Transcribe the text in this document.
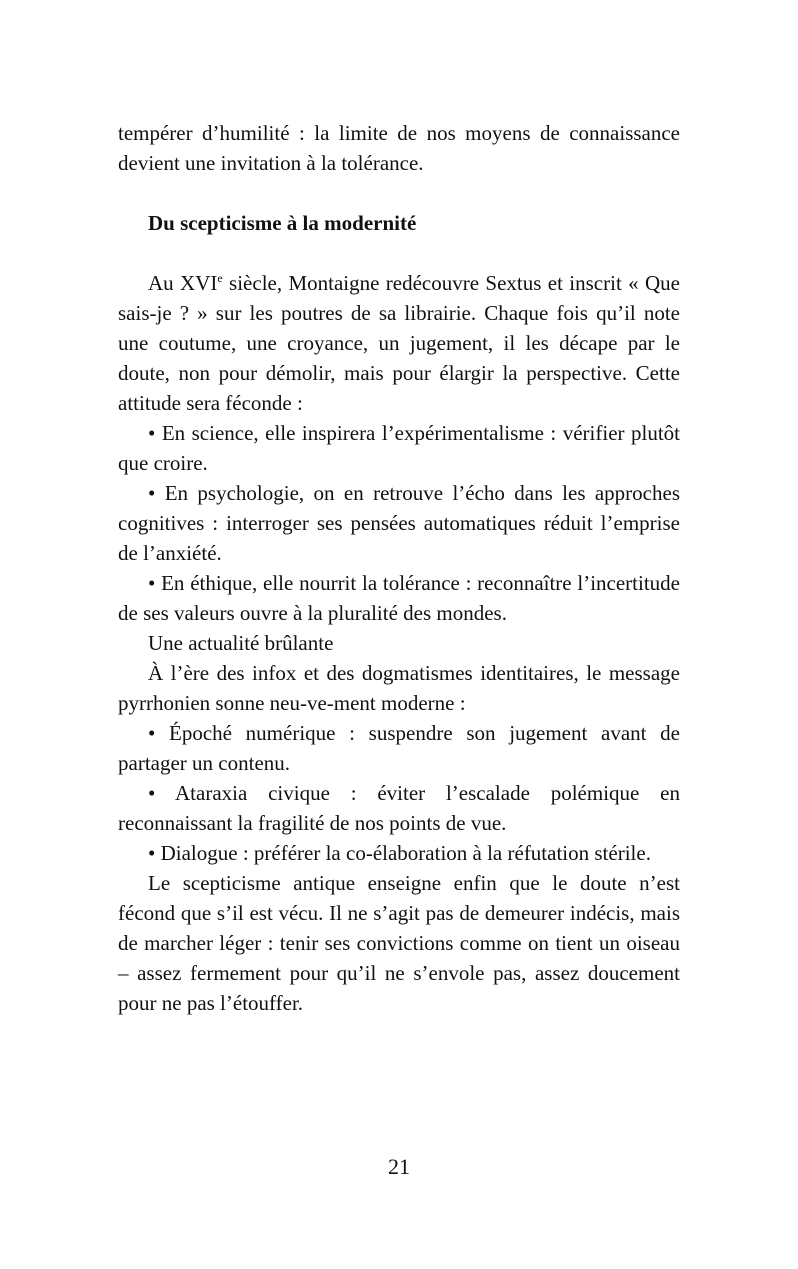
tempérer d’humilité : la limite de nos moyens de connaissance devient une invitation à la tolérance.

Du scepticisme à la modernité

Au XVIe siècle, Montaigne redécouvre Sextus et inscrit « Que sais-je ? » sur les poutres de sa librairie. Chaque fois qu’il note une coutume, une croyance, un jugement, il les décape par le doute, non pour démolir, mais pour élargir la perspective. Cette attitude sera féconde :

• En science, elle inspirera l’expérimentalisme : vérifier plutôt que croire.

• En psychologie, on en retrouve l’écho dans les approches cognitives : interroger ses pensées automatiques réduit l’emprise de l’anxiété.

• En éthique, elle nourrit la tolérance : reconnaître l’incertitude de ses valeurs ouvre à la pluralité des mondes.

Une actualité brûlante

À l’ère des infox et des dogmatismes identitaires, le message pyrrhonien sonne neu-ve-ment moderne :

• Époché numérique : suspendre son jugement avant de partager un contenu.

• Ataraxia civique : éviter l’escalade polémique en reconnaissant la fragilité de nos points de vue.

• Dialogue : préférer la co-élaboration à la réfutation stérile.

Le scepticisme antique enseigne enfin que le doute n’est fécond que s’il est vécu. Il ne s’agit pas de demeurer indécis, mais de marcher léger : tenir ses convictions comme on tient un oiseau – assez fermement pour qu’il ne s’envole pas, assez doucement pour ne pas l’étouffer.

21
